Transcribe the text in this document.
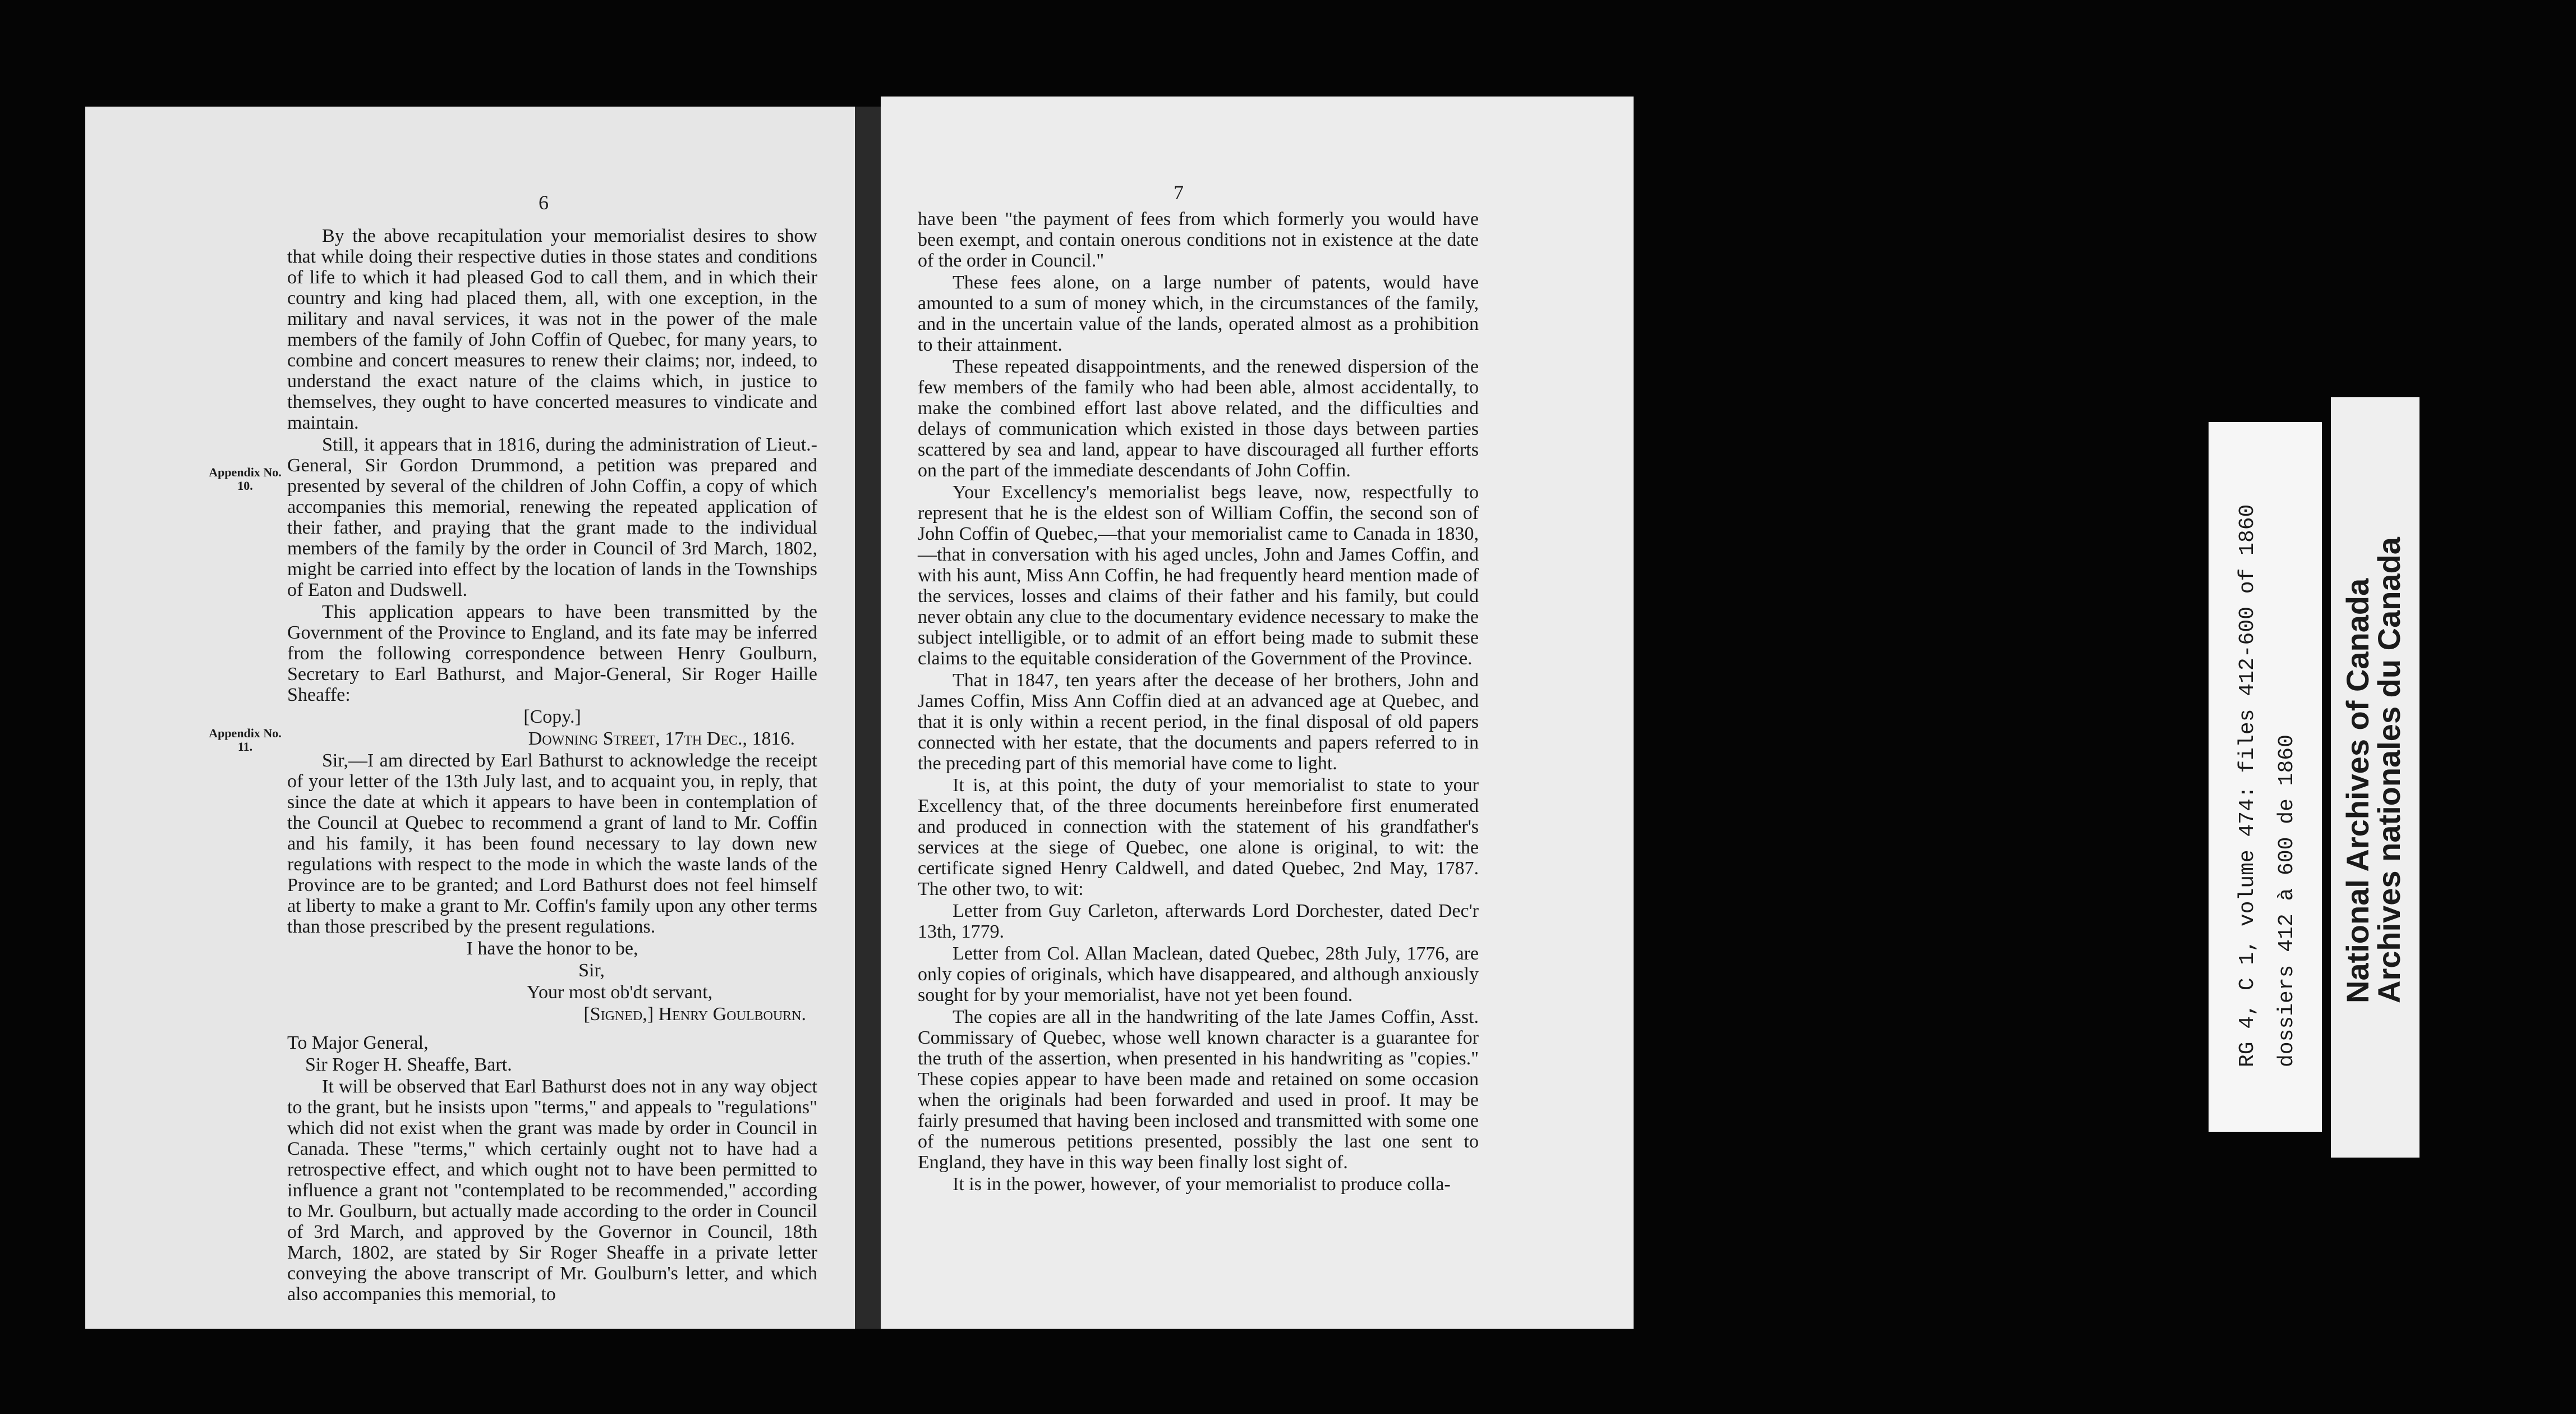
6
Appendix No. 10.
Appendix No. 11.

By the above recapitulation your memorialist desires to show that while doing their respective duties in those states and conditions of life to which it had pleased God to call them, and in which their country and king had placed them, all, with one exception, in the military and naval services, it was not in the power of the male members of the family of John Coffin of Quebec, for many years, to combine and concert measures to renew their claims; nor, indeed, to understand the exact nature of the claims which, in justice to themselves, they ought to have concerted measures to vindicate and maintain.

Still, it appears that in 1816, during the administration of Lieut.-General, Sir Gordon Drummond, a petition was prepared and presented by several of the children of John Coffin, a copy of which accompanies this memorial, renewing the repeated application of their father, and praying that the grant made to the individual members of the family by the order in Council of 3rd March, 1802, might be carried into effect by the location of lands in the Townships of Eaton and Dudswell.

This application appears to have been transmitted by the Government of the Province to England, and its fate may be inferred from the following correspondence between Henry Goulburn, Secretary to Earl Bathurst, and Major-General, Sir Roger Haille Sheaffe:

[Copy.]

Downing Street, 17th Dec., 1816.

Sir,—I am directed by Earl Bathurst to acknowledge the receipt of your letter of the 13th July last, and to acquaint you, in reply, that since the date at which it appears to have been in contemplation of the Council at Quebec to recommend a grant of land to Mr. Coffin and his family, it has been found necessary to lay down new regulations with respect to the mode in which the waste lands of the Province are to be granted; and Lord Bathurst does not feel himself at liberty to make a grant to Mr. Coffin's family upon any other terms than those prescribed by the present regulations.

I have the honor to be,

Sir,

Your most ob'dt servant,

[Signed,] Henry Goulbourn.

To Major General,

Sir Roger H. Sheaffe, Bart.

It will be observed that Earl Bathurst does not in any way object to the grant, but he insists upon "terms," and appeals to "regulations" which did not exist when the grant was made by order in Council in Canada. These "terms," which certainly ought not to have had a retrospective effect, and which ought not to have been permitted to influence a grant not "contemplated to be recommended," according to Mr. Goulburn, but actually made according to the order in Council of 3rd March, and approved by the Governor in Council, 18th March, 1802, are stated by Sir Roger Sheaffe in a private letter conveying the above transcript of Mr. Goulburn's letter, and which also accompanies this memorial, to

7

have been "the payment of fees from which formerly you would have been exempt, and contain onerous conditions not in existence at the date of the order in Council."

These fees alone, on a large number of patents, would have amounted to a sum of money which, in the circumstances of the family, and in the uncertain value of the lands, operated almost as a prohibition to their attainment.

These repeated disappointments, and the renewed dispersion of the few members of the family who had been able, almost accidentally, to make the combined effort last above related, and the difficulties and delays of communication which existed in those days between parties scattered by sea and land, appear to have discouraged all further efforts on the part of the immediate descendants of John Coffin.

Your Excellency's memorialist begs leave, now, respectfully to represent that he is the eldest son of William Coffin, the second son of John Coffin of Quebec,—that your memorialist came to Canada in 1830,—that in conversation with his aged uncles, John and James Coffin, and with his aunt, Miss Ann Coffin, he had frequently heard mention made of the services, losses and claims of their father and his family, but could never obtain any clue to the documentary evidence necessary to make the subject intelligible, or to admit of an effort being made to submit these claims to the equitable consideration of the Government of the Province.

That in 1847, ten years after the decease of her brothers, John and James Coffin, Miss Ann Coffin died at an advanced age at Quebec, and that it is only within a recent period, in the final disposal of old papers connected with her estate, that the documents and papers referred to in the preceding part of this memorial have come to light.

It is, at this point, the duty of your memorialist to state to your Excellency that, of the three documents hereinbefore first enumerated and produced in connection with the statement of his grandfather's services at the siege of Quebec, one alone is original, to wit: the certificate signed Henry Caldwell, and dated Quebec, 2nd May, 1787. The other two, to wit:

Letter from Guy Carleton, afterwards Lord Dorchester, dated Dec'r 13th, 1779.

Letter from Col. Allan Maclean, dated Quebec, 28th July, 1776, are only copies of originals, which have disappeared, and although anxiously sought for by your memorialist, have not yet been found.

The copies are all in the handwriting of the late James Coffin, Asst. Commissary of Quebec, whose well known character is a guarantee for the truth of the assertion, when presented in his handwriting as "copies." These copies appear to have been made and retained on some occasion when the originals had been forwarded and used in proof. It may be fairly presumed that having been inclosed and transmitted with some one of the numerous petitions presented, possibly the last one sent to England, they have in this way been finally lost sight of.

It is in the power, however, of your memorialist to produce colla-

RG 4, C 1, volume 474: files 412-600 of 1860 dossiers 412 à 600 de 1860 National Archives of Canada
Archives nationales du Canada
